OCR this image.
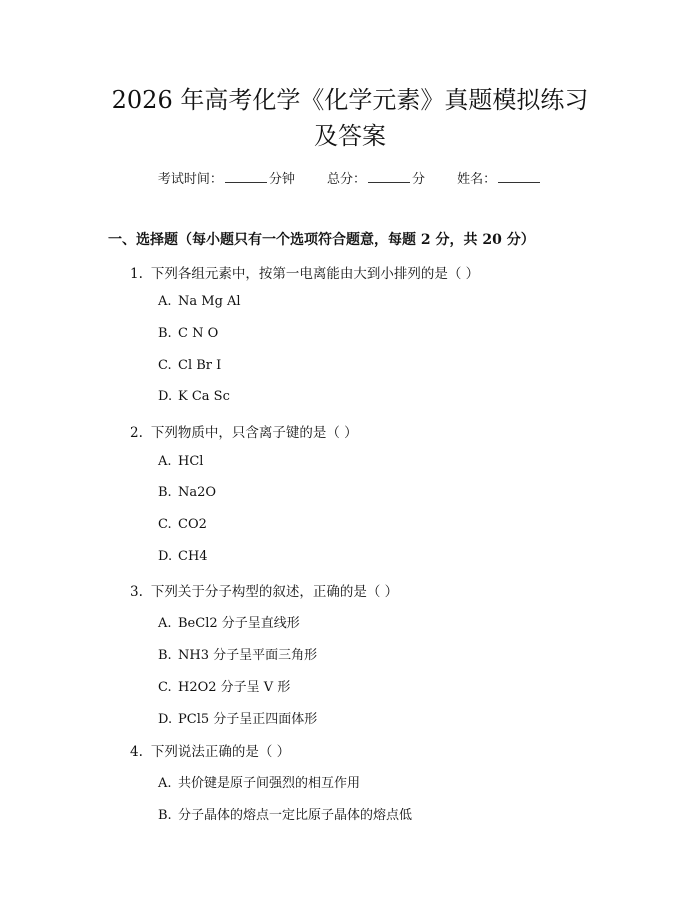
2026 年高考化学《化学元素》真题模拟练习
及答案
考试时间：	分钟 总分：	分 姓名：
一、选择题（每小题只有一个选项符合题意，每题 2 分，共 20 分）
1. 下列各组元素中，按第一电离能由大到小排列的是（ ）
A. Na Mg Al
B. C N O
C. Cl Br I
D. K Ca Sc
2. 下列物质中，只含离子键的是（ ）
A. HCl
B. Na2O
C. CO2
D. CH4
3. 下列关于分子构型的叙述，正确的是（ ）
A. BeCl2 分子呈直线形
B. NH3 分子呈平面三角形
C. H2O2 分子呈 V 形
D. PCl5 分子呈正四面体形
4. 下列说法正确的是（ ）
A. 共价键是原子间强烈的相互作用
B. 分子晶体的熔点一定比原子晶体的熔点低
